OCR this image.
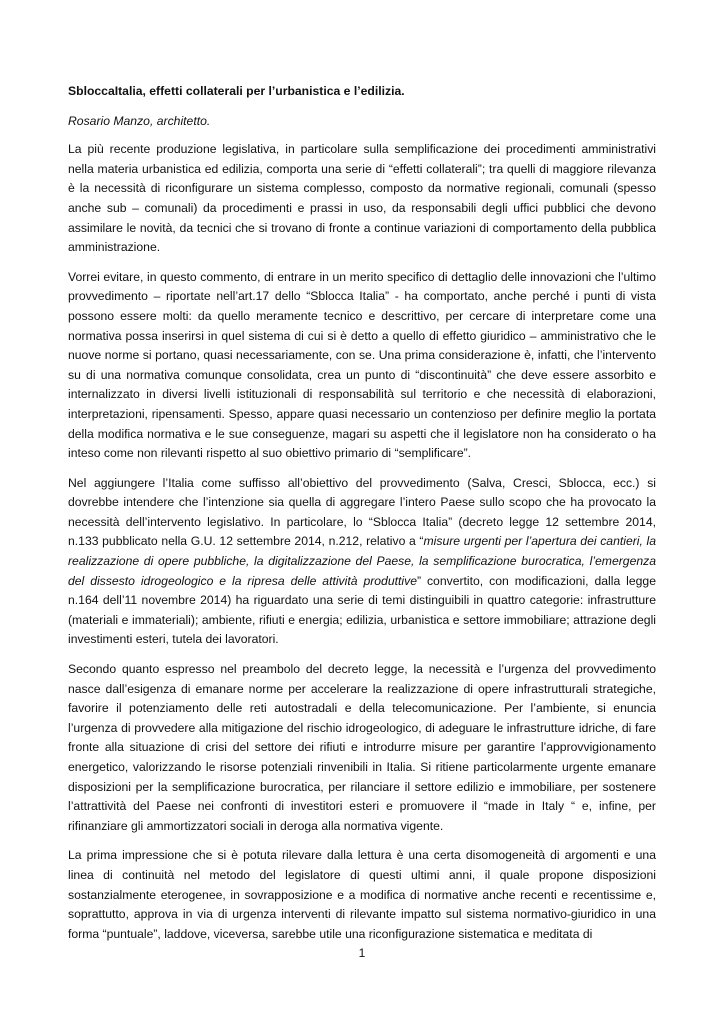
SbloccaItalia, effetti collaterali per l’urbanistica e l’edilizia.

Rosario Manzo, architetto.

La più recente produzione legislativa, in particolare sulla semplificazione dei procedimenti amministrativi nella materia urbanistica ed edilizia, comporta una serie di “effetti collaterali”; tra quelli di maggiore rilevanza è la necessità di riconfigurare un sistema complesso, composto da normative regionali, comunali (spesso anche sub – comunali) da procedimenti e prassi in uso, da responsabili degli uffici pubblici che devono assimilare le novità, da tecnici che si trovano di fronte a continue variazioni di comportamento della pubblica amministrazione.

Vorrei evitare, in questo commento, di entrare in un merito specifico di dettaglio delle innovazioni che l’ultimo provvedimento – riportate nell’art.17 dello “Sblocca Italia” - ha comportato, anche perché i punti di vista possono essere molti: da quello meramente tecnico e descrittivo, per cercare di interpretare come una normativa possa inserirsi in quel sistema di cui si è detto a quello di effetto giuridico – amministrativo che le nuove norme si portano, quasi necessariamente, con se. Una prima considerazione è, infatti, che l’intervento su di una normativa comunque consolidata, crea un punto di “discontinuità” che deve essere assorbito e internalizzato in diversi livelli istituzionali di responsabilità sul territorio e che necessità di elaborazioni, interpretazioni, ripensamenti. Spesso, appare quasi necessario un contenzioso per definire meglio la portata della modifica normativa e le sue conseguenze, magari su aspetti che il legislatore non ha considerato o ha inteso come non rilevanti rispetto al suo obiettivo primario di “semplificare”.

Nel aggiungere l’Italia come suffisso all’obiettivo del provvedimento (Salva, Cresci, Sblocca, ecc.) si dovrebbe intendere che l’intenzione sia quella di aggregare l’intero Paese sullo scopo che ha provocato la necessità dell’intervento legislativo. In particolare, lo “Sblocca Italia” (decreto legge 12 settembre 2014, n.133 pubblicato nella G.U. 12 settembre 2014, n.212, relativo a “misure urgenti per l’apertura dei cantieri, la realizzazione di opere pubbliche, la digitalizzazione del Paese, la semplificazione burocratica, l’emergenza del dissesto idrogeologico e la ripresa delle attività produttive” convertito, con modificazioni, dalla legge n.164 dell’11 novembre 2014) ha riguardato una serie di temi distinguibili in quattro categorie: infrastrutture (materiali e immateriali); ambiente, rifiuti e energia; edilizia, urbanistica e settore immobiliare; attrazione degli investimenti esteri, tutela dei lavoratori.

Secondo quanto espresso nel preambolo del decreto legge, la necessità e l’urgenza del provvedimento nasce dall’esigenza di emanare norme per accelerare la realizzazione di opere infrastrutturali strategiche, favorire il potenziamento delle reti autostradali e della telecomunicazione. Per l’ambiente, si enuncia l’urgenza di provvedere alla mitigazione del rischio idrogeologico, di adeguare le infrastrutture idriche, di fare fronte alla situazione di crisi del settore dei rifiuti e introdurre misure per garantire l’approvvigionamento energetico, valorizzando le risorse potenziali rinvenibili in Italia. Si ritiene particolarmente urgente emanare disposizioni per la semplificazione burocratica, per rilanciare il settore edilizio e immobiliare, per sostenere l’attrattività del Paese nei confronti di investitori esteri e promuovere il “made in Italy “ e, infine, per rifinanziare gli ammortizzatori sociali in deroga alla normativa vigente.

La prima impressione che si è potuta rilevare dalla lettura è una certa disomogeneità di argomenti e una linea di continuità nel metodo del legislatore di questi ultimi anni, il quale propone disposizioni sostanzialmente eterogenee, in sovrapposizione e a modifica di normative anche recenti e recentissime e, soprattutto, approva in via di urgenza interventi di rilevante impatto sul sistema normativo-giuridico in una forma “puntuale”, laddove, viceversa, sarebbe utile una riconfigurazione sistematica e meditata di

1
